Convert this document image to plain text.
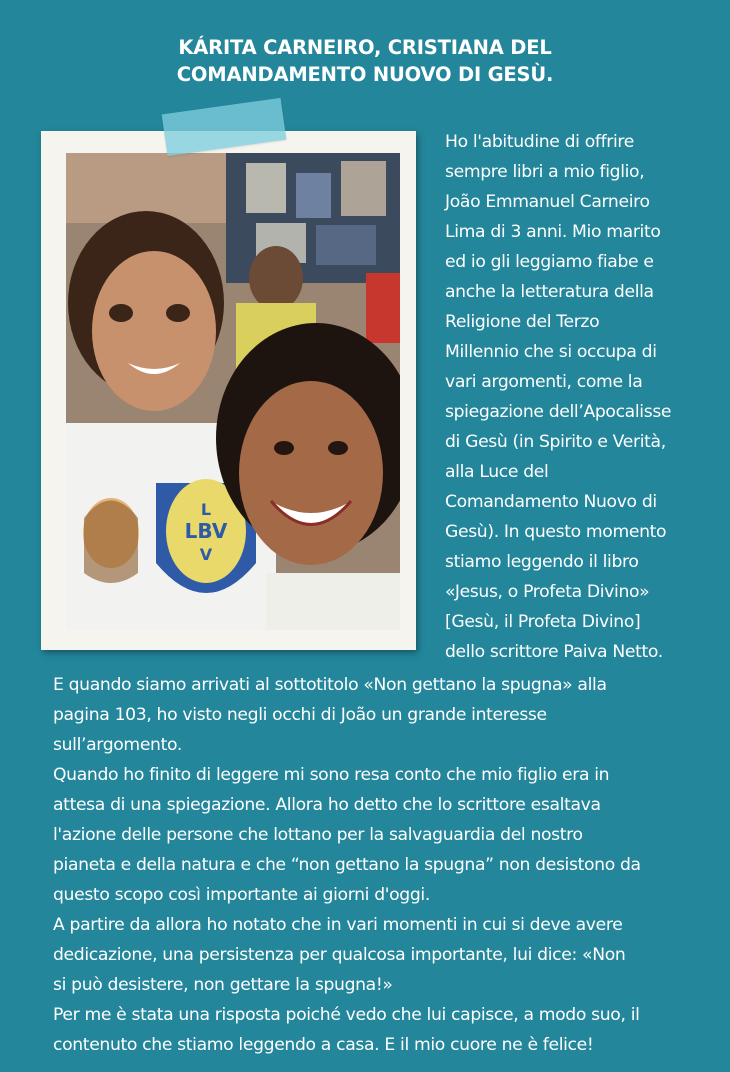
KÁRITA CARNEIRO, CRISTIANA DEL
COMANDAMENTO NUOVO DI GESÙ.
L
LBV
V
Ho l'abitudine di offrire
sempre libri a mio figlio,
João Emmanuel Carneiro
Lima di 3 anni. Mio marito
ed io gli leggiamo fiabe e
anche la letteratura della
Religione del Terzo
Millennio che si occupa di
vari argomenti, come la
spiegazione dell’Apocalisse
di Gesù (in Spirito e Verità,
alla Luce del
Comandamento Nuovo di
Gesù). In questo momento
stiamo leggendo il libro
«Jesus, o Profeta Divino»
[Gesù, il Profeta Divino]
dello scrittore Paiva Netto.
E quando siamo arrivati al sottotitolo «Non gettano la spugna» alla
pagina 103, ho visto negli occhi di João un grande interesse
sull’argomento.
Quando ho finito di leggere mi sono resa conto che mio figlio era in
attesa di una spiegazione. Allora ho detto che lo scrittore esaltava
l'azione delle persone che lottano per la salvaguardia del nostro
pianeta e della natura e che “non gettano la spugna” non desistono da
questo scopo così importante ai giorni d'oggi.
A partire da allora ho notato che in vari momenti in cui si deve avere
dedicazione, una persistenza per qualcosa importante, lui dice: «Non
si può desistere, non gettare la spugna!»
Per me è stata una risposta poiché vedo che lui capisce, a modo suo, il
contenuto che stiamo leggendo a casa. E il mio cuore ne è felice!
